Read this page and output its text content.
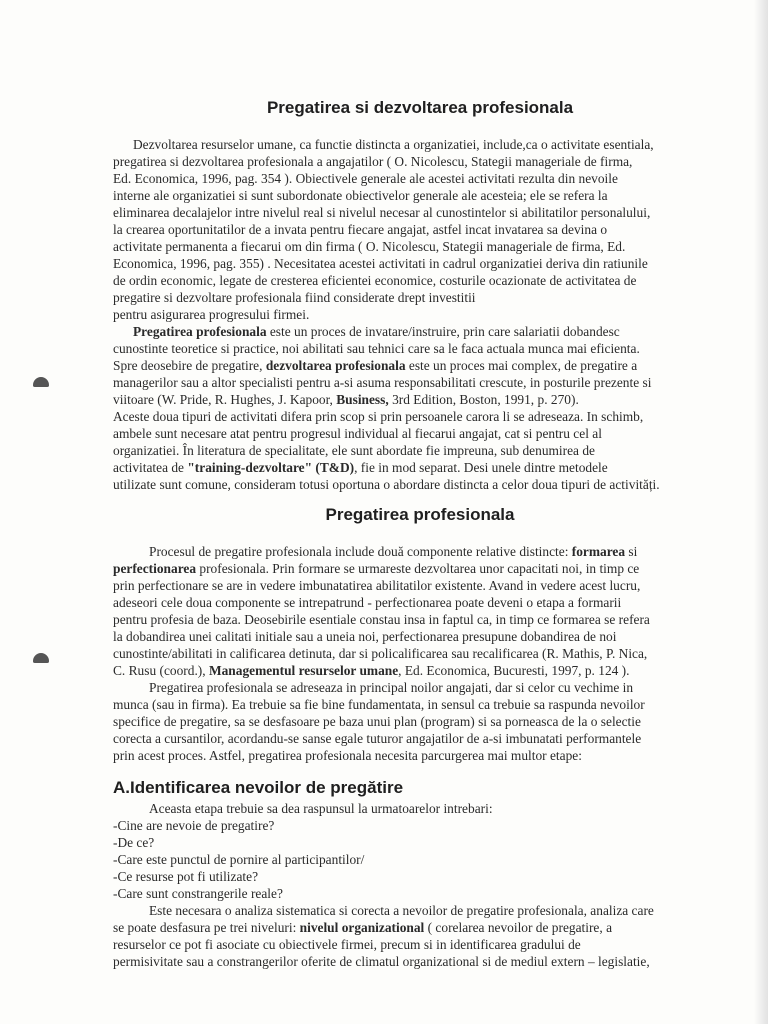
Pregatirea si dezvoltarea profesionala
Dezvoltarea resurselor umane, ca functie distincta a organizatiei, include,ca o activitate esentiala,
pregatirea si dezvoltarea profesionala a angajatilor ( O. Nicolescu, Stategii manageriale de firma,
Ed. Economica, 1996, pag. 354 ). Obiectivele generale ale acestei activitati rezulta din nevoile
interne ale organizatiei si sunt subordonate obiectivelor generale ale acesteia; ele se refera la
eliminarea decalajelor intre nivelul real si nivelul necesar al cunostintelor si abilitatilor personalului,
la crearea oportunitatilor de a invata pentru fiecare angajat, astfel incat invatarea sa devina o
activitate permanenta a fiecarui om din firma ( O. Nicolescu, Stategii manageriale de firma, Ed.
Economica, 1996, pag. 355) . Necesitatea acestei activitati in cadrul organizatiei deriva din ratiunile
de ordin economic, legate de cresterea eficientei economice, costurile ocazionate de activitatea de
pregatire si dezvoltare profesionala fiind considerate drept investitii
pentru asigurarea progresului firmei.
Pregatirea profesionala este un proces de invatare/instruire, prin care salariatii dobandesc
cunostinte teoretice si practice, noi abilitati sau tehnici care sa le faca actuala munca mai eficienta.
Spre deosebire de pregatire, dezvoltarea profesionala este un proces mai complex, de pregatire a
managerilor sau a altor specialisti pentru a-si asuma responsabilitati crescute, in posturile prezente si
viitoare (W. Pride, R. Hughes, J. Kapoor, Business, 3rd Edition, Boston, 1991, p. 270).
Aceste doua tipuri de activitati difera prin scop si prin persoanele carora li se adreseaza. In schimb,
ambele sunt necesare atat pentru progresul individual al fiecarui angajat, cat si pentru cel al
organizatiei. În literatura de specialitate, ele sunt abordate fie impreuna, sub denumirea de
activitatea de "training-dezvoltare" (T&D), fie in mod separat. Desi unele dintre metodele
utilizate sunt comune, consideram totusi oportuna o abordare distincta a celor doua tipuri de activități.
Pregatirea profesionala
Procesul de pregatire profesionala include două componente relative distincte: formarea si
perfectionarea profesionala. Prin formare se urmareste dezvoltarea unor capacitati noi, in timp ce
prin perfectionare se are in vedere imbunatatirea abilitatilor existente. Avand in vedere acest lucru,
adeseori cele doua componente se intrepatrund - perfectionarea poate deveni o etapa a formarii
pentru profesia de baza. Deosebirile esentiale constau insa in faptul ca, in timp ce formarea se refera
la dobandirea unei calitati initiale sau a uneia noi, perfectionarea presupune dobandirea de noi
cunostinte/abilitati in calificarea detinuta, dar si policalificarea sau recalificarea (R. Mathis, P. Nica,
C. Rusu (coord.), Managementul resurselor umane, Ed. Economica, Bucuresti, 1997, p. 124 ).
Pregatirea profesionala se adreseaza in principal noilor angajati, dar si celor cu vechime in
munca (sau in firma). Ea trebuie sa fie bine fundamentata, in sensul ca trebuie sa raspunda nevoilor
specifice de pregatire, sa se desfasoare pe baza unui plan (program) si sa porneasca de la o selectie
corecta a cursantilor, acordandu-se sanse egale tuturor angajatilor de a-si imbunatati performantele
prin acest proces. Astfel, pregatirea profesionala necesita parcurgerea mai multor etape:
A.Identificarea nevoilor de pregătire
Aceasta etapa trebuie sa dea raspunsul la urmatoarelor intrebari:
-Cine are nevoie de pregatire?
-De ce?
-Care este punctul de pornire al participantilor/
-Ce resurse pot fi utilizate?
-Care sunt constrangerile reale?
Este necesara o analiza sistematica si corecta a nevoilor de pregatire profesionala, analiza care
se poate desfasura pe trei niveluri: nivelul organizational ( corelarea nevoilor de pregatire, a
resurselor ce pot fi asociate cu obiectivele firmei, precum si in identificarea gradului de
permisivitate sau a constrangerilor oferite de climatul organizational si de mediul extern – legislatie,
